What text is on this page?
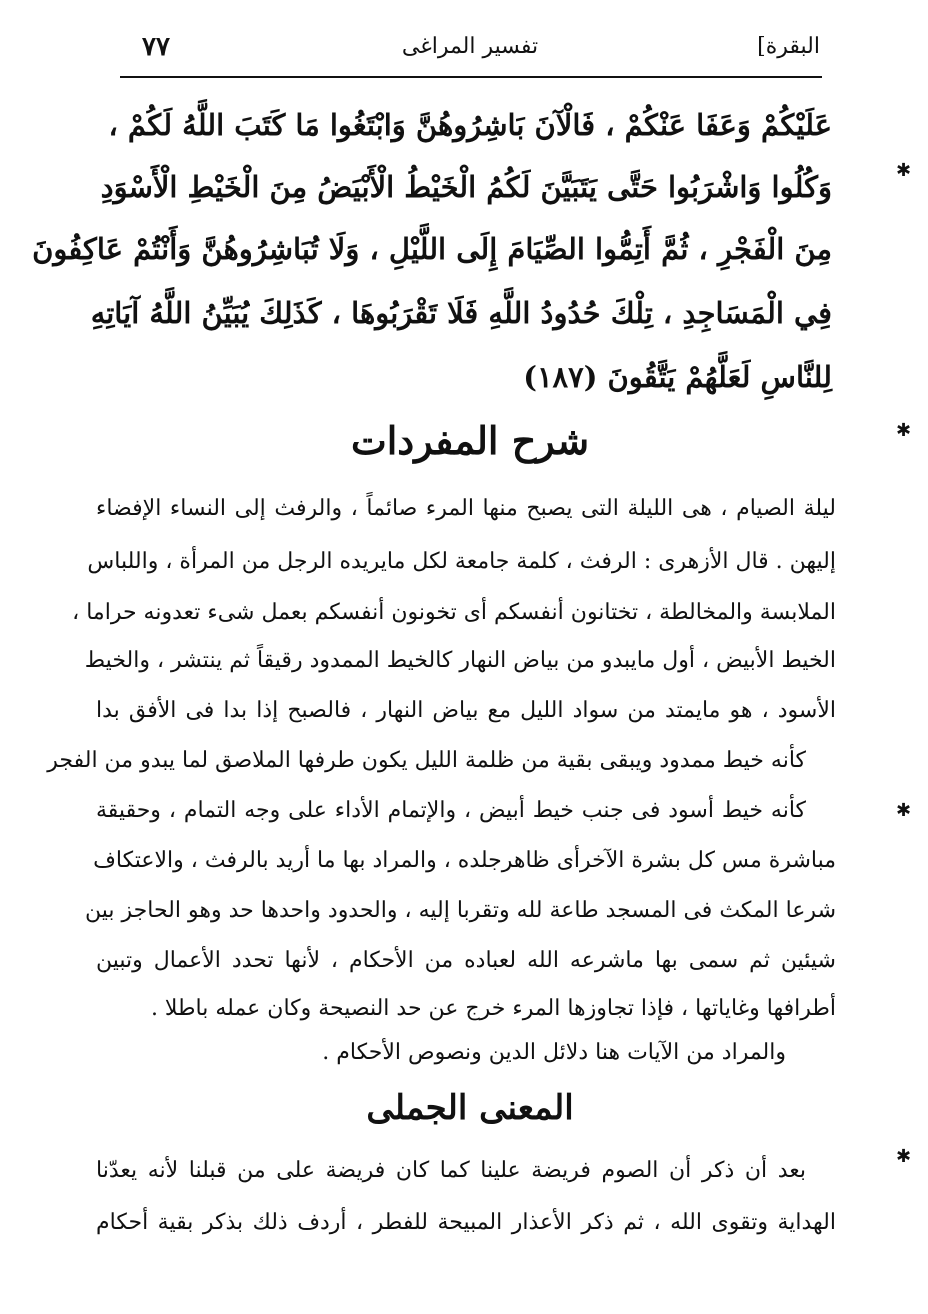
البقرة]
تفسير المراغى
٧٧
عَلَيْكُمْ وَعَفَا عَنْكُمْ ، فَالْآنَ بَاشِرُوهُنَّ وَابْتَغُوا مَا كَتَبَ اللَّهُ لَكُمْ ،
وَكُلُوا وَاشْرَبُوا حَتَّى يَتَبَيَّنَ لَكُمُ الْخَيْطُ الْأَبْيَضُ مِنَ الْخَيْطِ الْأَسْوَدِ
مِنَ الْفَجْرِ ، ثُمَّ أَتِمُّوا الصِّيَامَ إِلَى اللَّيْلِ ، وَلَا تُبَاشِرُوهُنَّ وَأَنْتُمْ عَاكِفُونَ
فِي الْمَسَاجِدِ ، تِلْكَ حُدُودُ اللَّهِ فَلَا تَقْرَبُوهَا ، كَذَلِكَ يُبَيِّنُ اللَّهُ آيَاتِهِ
لِلنَّاسِ لَعَلَّهُمْ يَتَّقُونَ (١٨٧)
شرح المفردات
ليلة الصيام ، هى الليلة التى يصبح منها المرء صائماً ، والرفث إلى النساء الإفضاء
إليهن . قال الأزهرى : الرفث ، كلمة جامعة لكل مايريده الرجل من المرأة ، واللباس
الملابسة والمخالطة ، تختانون أنفسكم أى تخونون أنفسكم بعمل شىء تعدونه حراما ،
الخيط الأبيض ، أول مايبدو من بياض النهار كالخيط الممدود رقيقاً ثم ينتشر ، والخيط
الأسود ، هو مايمتد من سواد الليل مع بياض النهار ، فالصبح إذا بدا فى الأفق بدا
كأنه خيط ممدود ويبقى بقية من ظلمة الليل يكون طرفها الملاصق لما يبدو من الفجر
كأنه خيط أسود فى جنب خيط أبيض ، والإتمام الأداء على وجه التمام ، وحقيقة
مباشرة مس كل بشرة الآخرأى ظاهرجلده ، والمراد بها ما أريد بالرفث ، والاعتكاف
شرعا المكث فى المسجد طاعة لله وتقربا إليه ، والحدود واحدها حد وهو الحاجز بين
شيئين ثم سمى بها ماشرعه الله لعباده من الأحكام ، لأنها تحدد الأعمال وتبين
أطرافها وغاياتها ، فإذا تجاوزها المرء خرج عن حد النصيحة وكان عمله باطلا .
والمراد من الآيات هنا دلائل الدين ونصوص الأحكام .
المعنى الجملى
بعد أن ذكر أن الصوم فريضة علينا كما كان فريضة على من قبلنا لأنه يعدّنا
الهداية وتقوى الله ، ثم ذكر الأعذار المبيحة للفطر ، أردف ذلك بذكر بقية أحكام
✱
✱
✱
✱
